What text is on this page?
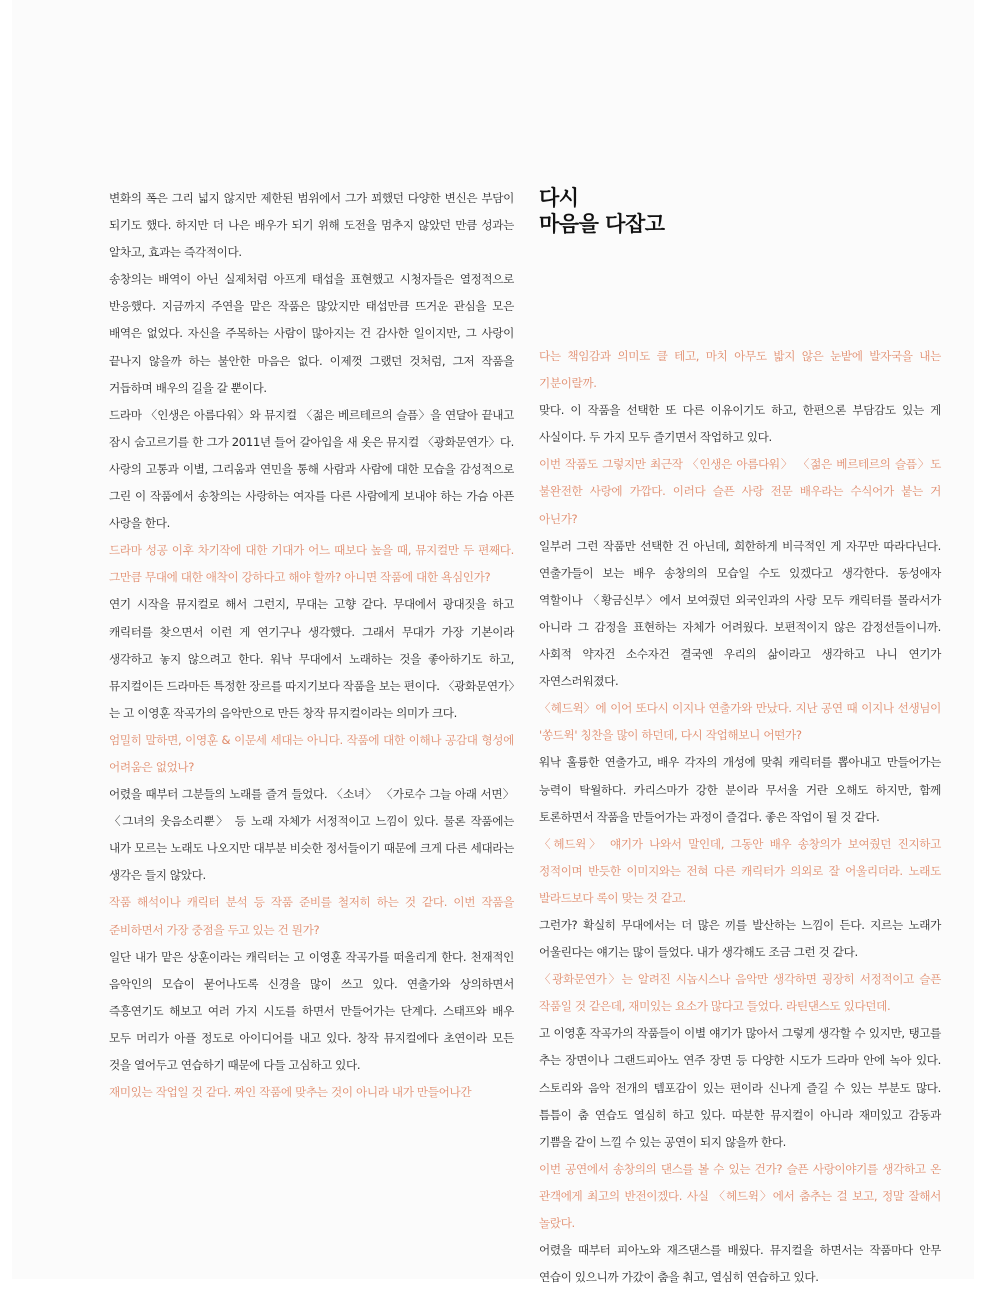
변화의 폭은 그리 넓지 않지만 제한된 범위에서 그가 꾀했던 다양한 변신은 부담이 되기도 했다. 하지만 더 나은 배우가 되기 위해 도전을 멈추지 않았던 만큼 성과는 알차고, 효과는 즉각적이다.

송창의는 배역이 아닌 실제처럼 아프게 태섭을 표현했고 시청자들은 열정적으로 반응했다. 지금까지 주연을 맡은 작품은 많았지만 태섭만큼 뜨거운 관심을 모은 배역은 없었다. 자신을 주목하는 사람이 많아지는 건 감사한 일이지만, 그 사랑이 끝나지 않을까 하는 불안한 마음은 없다. 이제껏 그랬던 것처럼, 그저 작품을 거듭하며 배우의 길을 갈 뿐이다.

드라마 〈인생은 아름다워〉와 뮤지컬 〈젊은 베르테르의 슬픔〉을 연달아 끝내고 잠시 숨고르기를 한 그가 2011년 들어 갈아입을 새 옷은 뮤지컬 〈광화문연가〉다. 사랑의 고통과 이별, 그리움과 연민을 통해 사람과 사람에 대한 모습을 감성적으로 그린 이 작품에서 송창의는 사랑하는 여자를 다른 사람에게 보내야 하는 가슴 아픈 사랑을 한다.

드라마 성공 이후 차기작에 대한 기대가 어느 때보다 높을 때, 뮤지컬만 두 편째다. 그만큼 무대에 대한 애착이 강하다고 해야 할까? 아니면 작품에 대한 욕심인가?

연기 시작을 뮤지컬로 해서 그런지, 무대는 고향 같다. 무대에서 광대짓을 하고 캐릭터를 찾으면서 이런 게 연기구나 생각했다. 그래서 무대가 가장 기본이라 생각하고 놓지 않으려고 한다. 워낙 무대에서 노래하는 것을 좋아하기도 하고, 뮤지컬이든 드라마든 특정한 장르를 따지기보다 작품을 보는 편이다. 〈광화문연가〉는 고 이영훈 작곡가의 음악만으로 만든 창작 뮤지컬이라는 의미가 크다.

엄밀히 말하면, 이영훈 & 이문세 세대는 아니다. 작품에 대한 이해나 공감대 형성에 어려움은 없었나?

어렸을 때부터 그분들의 노래를 즐겨 들었다. 〈소녀〉 〈가로수 그늘 아래 서면〉 〈그녀의 웃음소리뿐〉 등 노래 자체가 서정적이고 느낌이 있다. 물론 작품에는 내가 모르는 노래도 나오지만 대부분 비슷한 정서들이기 때문에 크게 다른 세대라는 생각은 들지 않았다.

작품 해석이나 캐릭터 분석 등 작품 준비를 철저히 하는 것 같다. 이번 작품을 준비하면서 가장 중점을 두고 있는 건 뭔가?

일단 내가 맡은 상훈이라는 캐릭터는 고 이영훈 작곡가를 떠올리게 한다. 천재적인 음악인의 모습이 묻어나도록 신경을 많이 쓰고 있다. 연출가와 상의하면서 즉흥연기도 해보고 여러 가지 시도를 하면서 만들어가는 단계다. 스태프와 배우 모두 머리가 아플 정도로 아이디어를 내고 있다. 창작 뮤지컬에다 초연이라 모든 것을 열어두고 연습하기 때문에 다들 고심하고 있다.

재미있는 작업일 것 같다. 짜인 작품에 맞추는 것이 아니라 내가 만들어나간

다시
마음을 다잡고

다는 책임감과 의미도 클 테고, 마치 아무도 밟지 않은 눈밭에 발자국을 내는 기분이랄까.

맞다. 이 작품을 선택한 또 다른 이유이기도 하고, 한편으론 부담감도 있는 게 사실이다. 두 가지 모두 즐기면서 작업하고 있다.

이번 작품도 그렇지만 최근작 〈인생은 아름다워〉 〈젊은 베르테르의 슬픔〉도 불완전한 사랑에 가깝다. 이러다 슬픈 사랑 전문 배우라는 수식어가 붙는 거 아닌가?

일부러 그런 작품만 선택한 건 아닌데, 희한하게 비극적인 게 자꾸만 따라다닌다. 연출가들이 보는 배우 송창의의 모습일 수도 있겠다고 생각한다. 동성애자 역할이나 〈황금신부〉에서 보여줬던 외국인과의 사랑 모두 캐릭터를 몰라서가 아니라 그 감정을 표현하는 자체가 어려웠다. 보편적이지 않은 감정선들이니까. 사회적 약자건 소수자건 결국엔 우리의 삶이라고 생각하고 나니 연기가 자연스러워졌다.

〈헤드윅〉에 이어 또다시 이지나 연출가와 만났다. 지난 공연 때 이지나 선생님이 '쏭드윅' 칭찬을 많이 하던데, 다시 작업해보니 어떤가?

워낙 훌륭한 연출가고, 배우 각자의 개성에 맞춰 캐릭터를 뽑아내고 만들어가는 능력이 탁월하다. 카리스마가 강한 분이라 무서울 거란 오해도 하지만, 함께 토론하면서 작품을 만들어가는 과정이 즐겁다. 좋은 작업이 될 것 같다.

〈헤드윅〉 얘기가 나와서 말인데, 그동안 배우 송창의가 보여줬던 진지하고 정적이며 반듯한 이미지와는 전혀 다른 캐릭터가 의외로 잘 어울리더라. 노래도 발라드보다 록이 맞는 것 같고.

그런가? 확실히 무대에서는 더 많은 끼를 발산하는 느낌이 든다. 지르는 노래가 어울린다는 얘기는 많이 들었다. 내가 생각해도 조금 그런 것 같다.

〈광화문연가〉는 알려진 시놉시스나 음악만 생각하면 굉장히 서정적이고 슬픈 작품일 것 같은데, 재미있는 요소가 많다고 들었다. 라틴댄스도 있다던데.

고 이영훈 작곡가의 작품들이 이별 얘기가 많아서 그렇게 생각할 수 있지만, 탱고를 추는 장면이나 그랜드피아노 연주 장면 등 다양한 시도가 드라마 안에 녹아 있다. 스토리와 음악 전개의 템포감이 있는 편이라 신나게 즐길 수 있는 부분도 많다. 틈틈이 춤 연습도 열심히 하고 있다. 따분한 뮤지컬이 아니라 재미있고 감동과 기쁨을 같이 느낄 수 있는 공연이 되지 않을까 한다.

이번 공연에서 송창의의 댄스를 볼 수 있는 건가? 슬픈 사랑이야기를 생각하고 온 관객에게 최고의 반전이겠다. 사실 〈헤드윅〉에서 춤추는 걸 보고, 정말 잘해서 놀랐다.

어렸을 때부터 피아노와 재즈댄스를 배웠다. 뮤지컬을 하면서는 작품마다 안무 연습이 있으니까 가갔이 춤을 춰고, 열심히 연습하고 있다.
